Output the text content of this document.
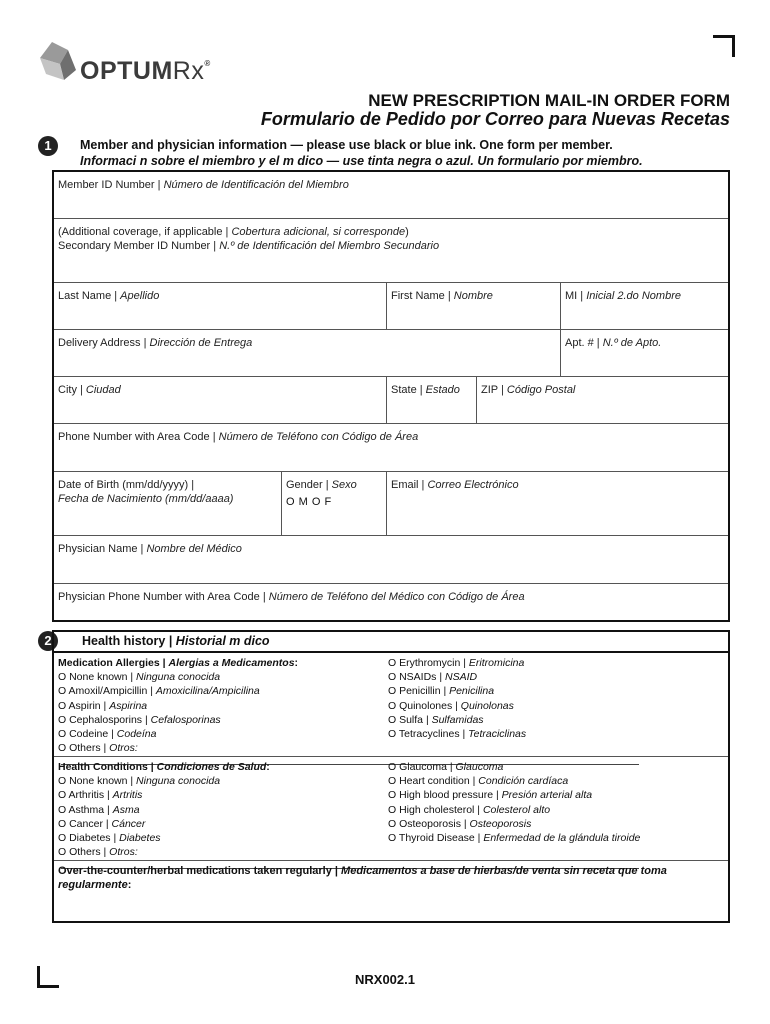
OPTUMRx®
NEW PRESCRIPTION MAIL-IN ORDER FORM
Formulario de Pedido por Correo para Nuevas Recetas
1	Member and physician information — please use black or blue ink. One form per member.
Informaci n sobre el miembro y el m dico — use tinta negra o azul. Un formulario por miembro.
Member ID Number | Número de Identificación del Miembro
(Additional coverage, if applicable | Cobertura adicional, si corresponde)
Secondary Member ID Number | N.º de Identificación del Miembro Secundario
Last Name | Apellido	First Name | Nombre	MI | Inicial 2.do Nombre
Delivery Address | Dirección de Entrega	Apt. # | N.º de Apto.
City | Ciudad	State | Estado	ZIP | Código Postal
Phone Number with Area Code | Número de Teléfono con Código de Área
Date of Birth (mm/dd/yyyy) |
Fecha de Nacimiento (mm/dd/aaaa)
Gender | Sexo
O M O F
Email | Correo Electrónico
Physician Name | Nombre del Médico
Physician Phone Number with Area Code | Número de Teléfono del Médico con Código de Área
2	Health history | Historial m dico
Medication Allergies | Alergias a Medicamentos:
O None known | Ninguna conocida
O Amoxil/Ampicillin | Amoxicilina/Ampicilina
O Aspirin | Aspirina
O Cephalosporins | Cefalosporinas
O Codeine | Codeína
O Others | Otros:
O Erythromycin | Eritromicina
O NSAIDs | NSAID
O Penicillin | Penicilina
O Quinolones | Quinolonas
O Sulfa | Sulfamidas
O Tetracyclines | Tetraciclinas
Health Conditions | Condiciones de Salud:
O None known | Ninguna conocida
O Arthritis | Artritis
O Asthma | Asma
O Cancer | Cáncer
O Diabetes | Diabetes
O Others | Otros:
O Glaucoma | Glaucoma
O Heart condition | Condición cardíaca
O High blood pressure | Presión arterial alta
O High cholesterol | Colesterol alto
O Osteoporosis | Osteoporosis
O Thyroid Disease | Enfermedad de la glándula tiroide
Over-the-counter/herbal medications taken regularly | Medicamentos a base de hierbas/de venta sin receta que toma regularmente:
NRX002.1
